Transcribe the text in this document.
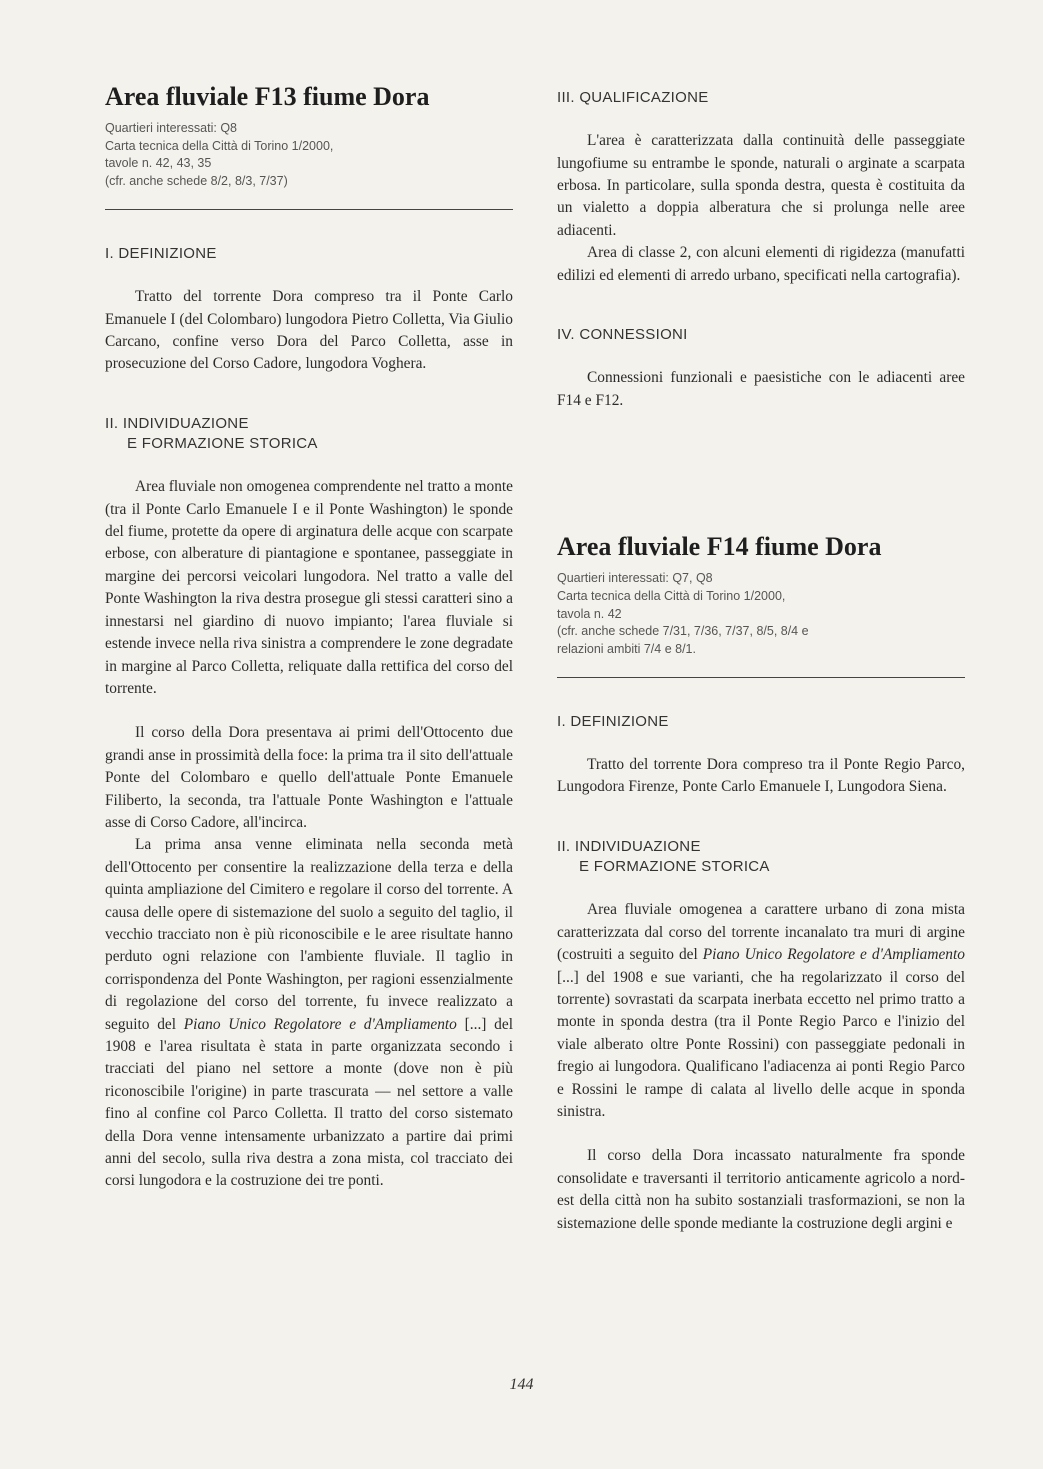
Area fluviale F13 fiume Dora
Quartieri interessati: Q8
Carta tecnica della Città di Torino 1/2000,
tavole n. 42, 43, 35
(cfr. anche schede 8/2, 8/3, 7/37)
I. DEFINIZIONE

Tratto del torrente Dora compreso tra il Ponte Carlo Emanuele I (del Colombaro) lungodora Pietro Colletta, Via Giulio Carcano, confine verso Dora del Parco Colletta, asse in prosecuzione del Corso Cadore, lungodora Voghera.

II. INDIVIDUAZIONE
E FORMAZIONE STORICA

Area fluviale non omogenea comprendente nel tratto a monte (tra il Ponte Carlo Emanuele I e il Ponte Washington) le sponde del fiume, protette da opere di arginatura delle acque con scarpate erbose, con alberature di piantagione e spontanee, passeggiate in margine dei percorsi veicolari lungodora. Nel tratto a valle del Ponte Washington la riva destra prosegue gli stessi caratteri sino a innestarsi nel giardino di nuovo impianto; l'area fluviale si estende invece nella riva sinistra a comprendere le zone degradate in margine al Parco Colletta, reliquate dalla rettifica del corso del torrente.

Il corso della Dora presentava ai primi dell'Ottocento due grandi anse in prossimità della foce: la prima tra il sito dell'attuale Ponte del Colombaro e quello dell'attuale Ponte Emanuele Filiberto, la seconda, tra l'attuale Ponte Washington e l'attuale asse di Corso Cadore, all'incirca.

La prima ansa venne eliminata nella seconda metà dell'Ottocento per consentire la realizzazione della terza e della quinta ampliazione del Cimitero e regolare il corso del torrente. A causa delle opere di sistemazione del suolo a seguito del taglio, il vecchio tracciato non è più riconoscibile e le aree risultate hanno perduto ogni relazione con l'ambiente fluviale. Il taglio in corrispondenza del Ponte Washington, per ragioni essenzialmente di regolazione del corso del torrente, fu invece realizzato a seguito del Piano Unico Regolatore e d'Ampliamento [...] del 1908 e l'area risultata è stata in parte organizzata secondo i tracciati del piano nel settore a monte (dove non è più riconoscibile l'origine) in parte trascurata — nel settore a valle fino al confine col Parco Colletta. Il tratto del corso sistemato della Dora venne intensamente urbanizzato a partire dai primi anni del secolo, sulla riva destra a zona mista, col tracciato dei corsi lungodora e la costruzione dei tre ponti.

III. QUALIFICAZIONE

L'area è caratterizzata dalla continuità delle passeggiate lungofiume su entrambe le sponde, naturali o arginate a scarpata erbosa. In particolare, sulla sponda destra, questa è costituita da un vialetto a doppia alberatura che si prolunga nelle aree adiacenti.

Area di classe 2, con alcuni elementi di rigidezza (manufatti edilizi ed elementi di arredo urbano, specificati nella cartografia).

IV. CONNESSIONI

Connessioni funzionali e paesistiche con le adiacenti aree F14 e F12.

Area fluviale F14 fiume Dora
Quartieri interessati: Q7, Q8
Carta tecnica della Città di Torino 1/2000,
tavola n. 42
(cfr. anche schede 7/31, 7/36, 7/37, 8/5, 8/4 e
relazioni ambiti 7/4 e 8/1.
I. DEFINIZIONE

Tratto del torrente Dora compreso tra il Ponte Regio Parco, Lungodora Firenze, Ponte Carlo Emanuele I, Lungodora Siena.

II. INDIVIDUAZIONE
E FORMAZIONE STORICA

Area fluviale omogenea a carattere urbano di zona mista caratterizzata dal corso del torrente incanalato tra muri di argine (costruiti a seguito del Piano Unico Regolatore e d'Ampliamento [...] del 1908 e sue varianti, che ha regolarizzato il corso del torrente) sovrastati da scarpata inerbata eccetto nel primo tratto a monte in sponda destra (tra il Ponte Regio Parco e l'inizio del viale alberato oltre Ponte Rossini) con passeggiate pedonali in fregio ai lungodora. Qualificano l'adiacenza ai ponti Regio Parco e Rossini le rampe di calata al livello delle acque in sponda sinistra.

Il corso della Dora incassato naturalmente fra sponde consolidate e traversanti il territorio anticamente agricolo a nord-est della città non ha subito sostanziali trasformazioni, se non la sistemazione delle sponde mediante la costruzione degli argini e

144
